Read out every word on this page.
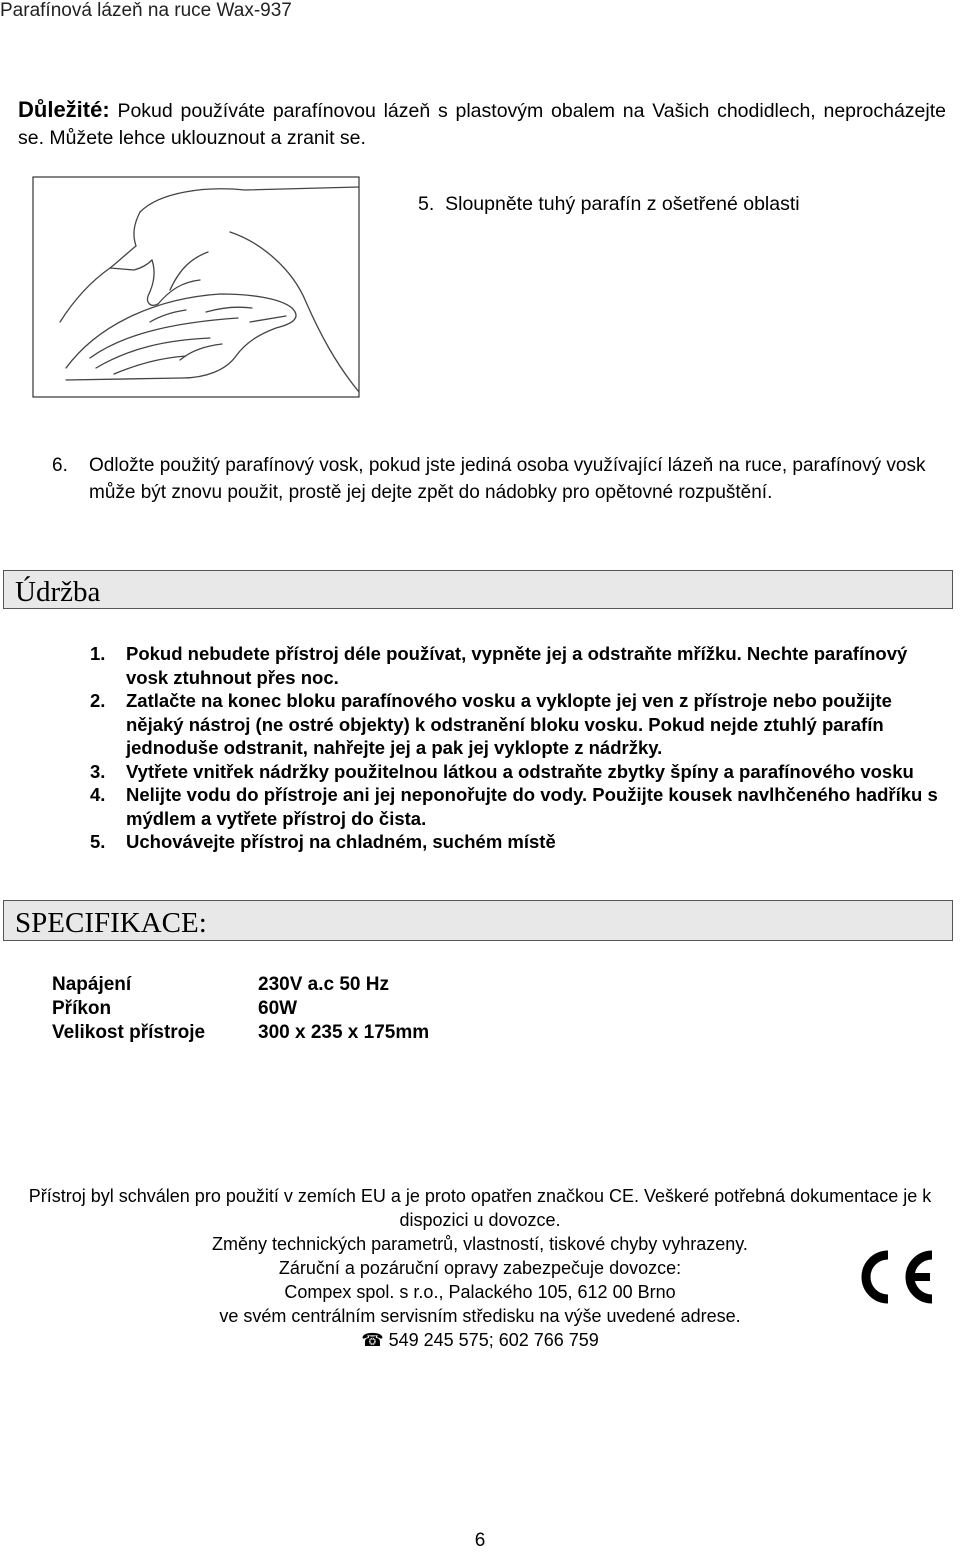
Parafínová lázeň na ruce Wax-937
Důležité: Pokud používáte parafínovou lázeň s plastovým obalem na Vašich chodidlech, neprocházejte se. Můžete lehce uklouznout a zranit se.
5. Sloupněte tuhý parafín z ošetřené oblasti
6. Odložte použitý parafínový vosk, pokud jste jediná osoba využívající lázeň na ruce, parafínový vosk může být znovu použit, prostě jej dejte zpět do nádobky pro opětovné rozpuštění.
Údržba
1. Pokud nebudete přístroj déle používat, vypněte jej a odstraňte mřížku. Nechte parafínový vosk ztuhnout přes noc.
2. Zatlačte na konec bloku parafínového vosku a vyklopte jej ven z přístroje nebo použijte nějaký nástroj (ne ostré objekty) k odstranění bloku vosku. Pokud nejde ztuhlý parafín jednoduše odstranit, nahřejte jej a pak jej vyklopte z nádržky.
3. Vytřete vnitřek nádržky použitelnou látkou a odstraňte zbytky špíny a parafínového vosku
4. Nelijte vodu do přístroje ani jej neponořujte do vody. Použijte kousek navlhčeného hadříku s mýdlem a vytřete přístroj do čista.
5. Uchovávejte přístroj na chladném, suchém místě
SPECIFIKACE:
Napájení	230V a.c 50 Hz
Příkon	60W
Velikost přístroje	300 x 235 x 175mm
Přístroj byl schválen pro použití v zemích EU a je proto opatřen značkou CE. Veškeré potřebná dokumentace je k dispozici u dovozce.
Změny technických parametrů, vlastností, tiskové chyby vyhrazeny.
Záruční a pozáruční opravy zabezpečuje dovozce:
Compex spol. s r.o., Palackého 105, 612 00 Brno
ve svém centrálním servisním středisku na výše uvedené adrese.
☎ 549 245 575; 602 766 759
6
